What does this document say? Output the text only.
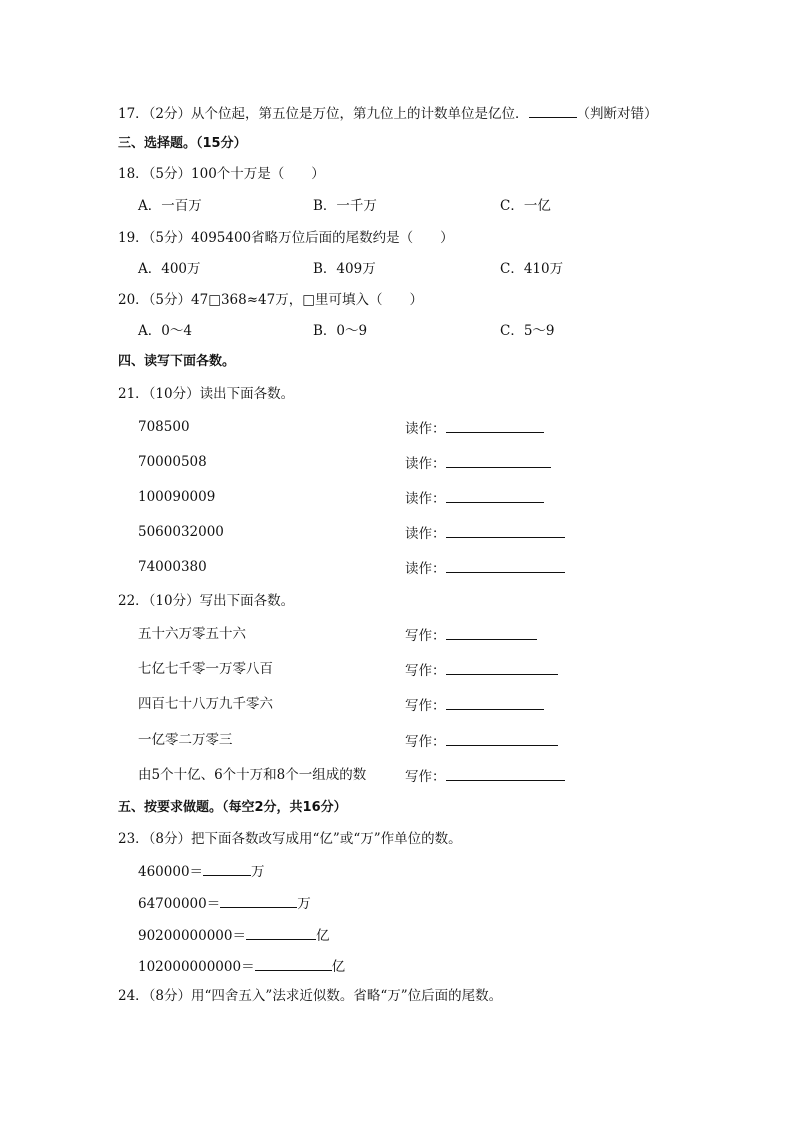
17．（2分）从个位起，第五位是万位，第九位上的计数单位是亿位．	（判断对错）
三、选择题。（15分）
18．（5分）100个十万是（　　）
A．一百万	B．一千万	C．一亿
19．（5分）4095400省略万位后面的尾数约是（　　）
A．400万	B．409万	C．410万
20．（5分）47□368≈47万，□里可填入（　　）
A．0～4	B．0～9	C．5～9
四、读写下面各数。
21．（10分）读出下面各数。
708500	读作：
70000508	读作：
100090009	读作：
5060032000	读作：
74000380	读作：
22．（10分）写出下面各数。
五十六万零五十六	写作：
七亿七千零一万零八百	写作：
四百七十八万九千零六	写作：
一亿零二万零三	写作：
由5个十亿、6个十万和8个一组成的数	写作：
五、按要求做题。（每空2分，共16分）
23．（8分）把下面各数改写成用“亿”或“万”作单位的数。
460000＝	万
64700000＝	万
90200000000＝	亿
102000000000＝	亿
24．（8分）用“四舍五入”法求近似数。省略“万”位后面的尾数。
